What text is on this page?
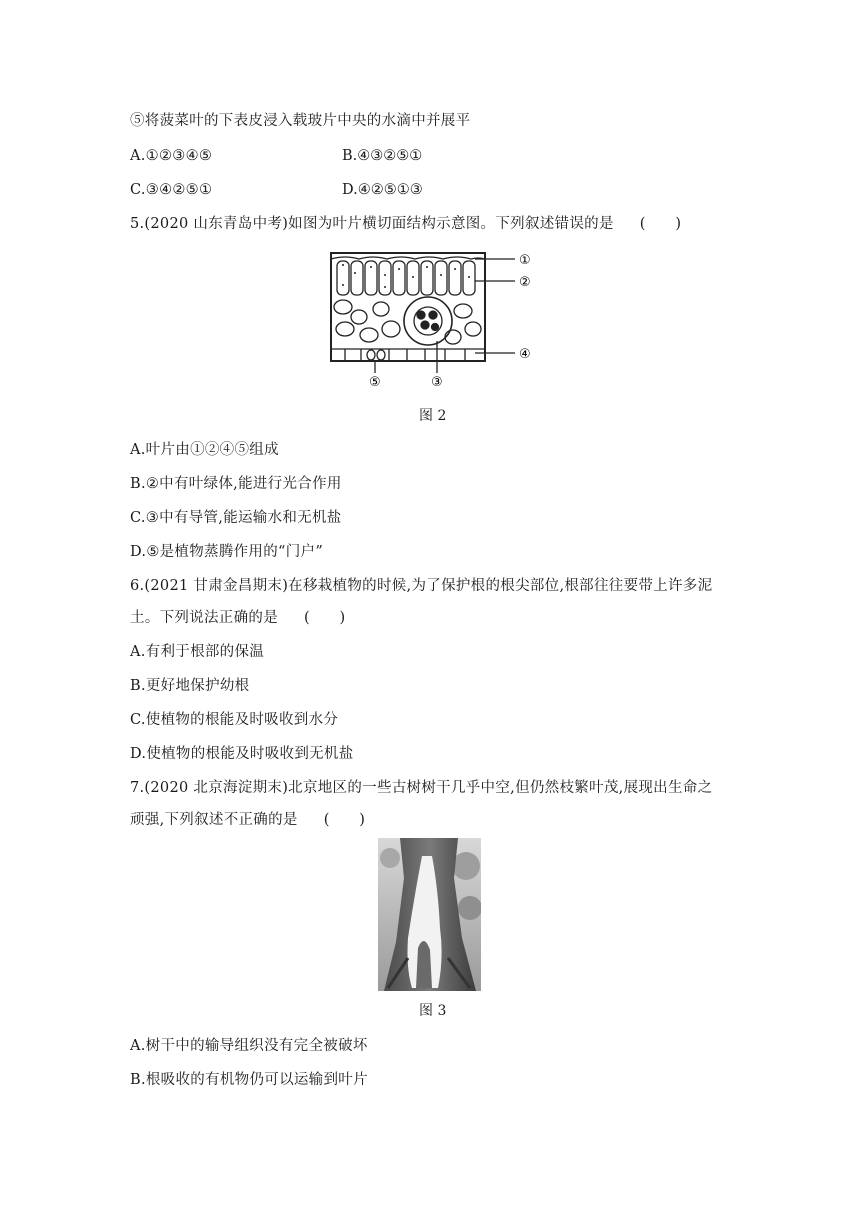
⑤将菠菜叶的下表皮浸入载玻片中央的水滴中并展平
A.①②③④⑤	B.④③②⑤①
C.③④②⑤①	D.④②⑤①③
5.(2020 山东青岛中考)如图为叶片横切面结构示意图。下列叙述错误的是 (　　)
①
②
④
③
⑤
图 2
A.叶片由①②④⑤组成
B.②中有叶绿体,能进行光合作用
C.③中有导管,能运输水和无机盐
D.⑤是植物蒸腾作用的“门户”
6.(2021 甘肃金昌期末)在移栽植物的时候,为了保护根的根尖部位,根部往往要带上许多泥
土。下列说法正确的是 (　　)
A.有利于根部的保温
B.更好地保护幼根
C.使植物的根能及时吸收到水分
D.使植物的根能及时吸收到无机盐
7.(2020 北京海淀期末)北京地区的一些古树树干几乎中空,但仍然枝繁叶茂,展现出生命之
顽强,下列叙述不正确的是 (　　)
图 3
A.树干中的输导组织没有完全被破坏
B.根吸收的有机物仍可以运输到叶片
